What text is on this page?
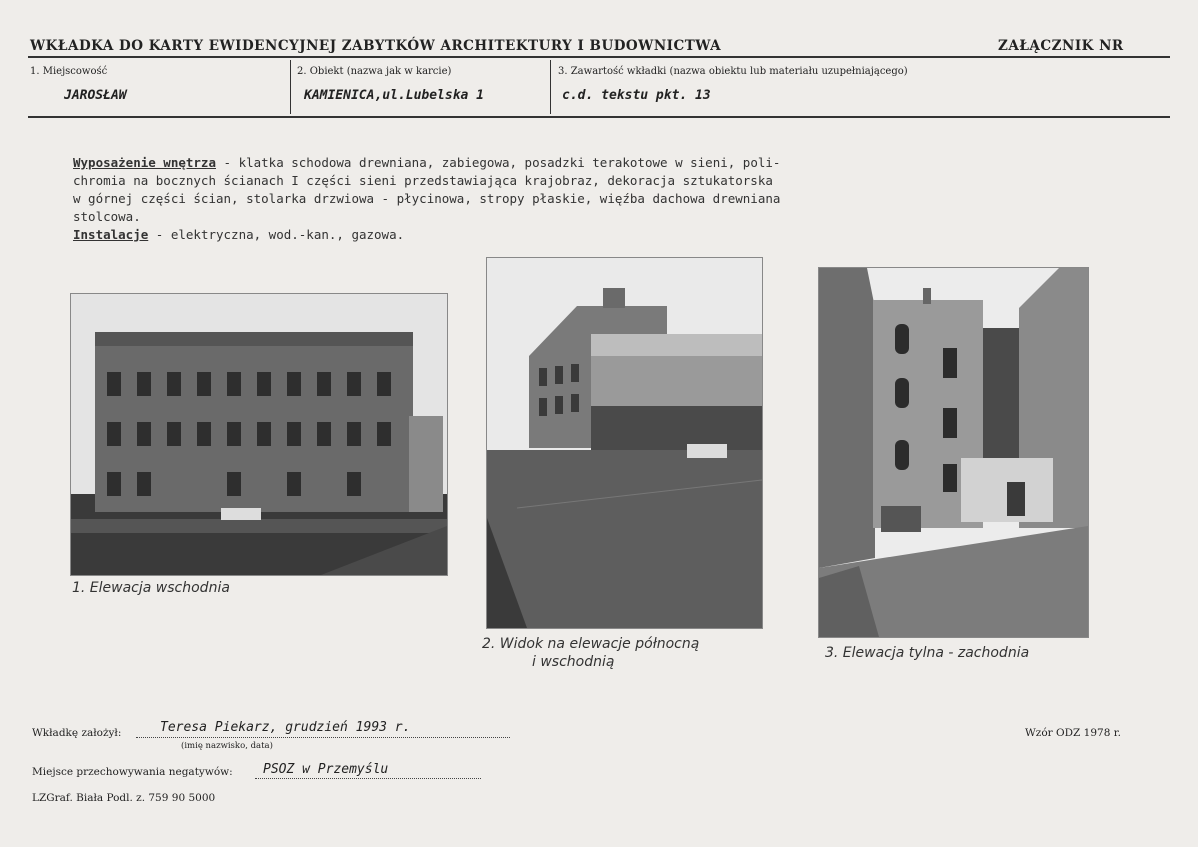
WKŁADKA DO KARTY EWIDENCYJNEJ ZABYTKÓW ARCHITEKTURY I BUDOWNICTWA	ZAŁĄCZNIK NR
1. Miejscowość
JAROSŁAW
2. Obiekt (nazwa jak w karcie)
KAMIENICA,ul.Lubelska 1
3. Zawartość wkładki (nazwa obiektu lub materiału uzupełniającego)
c.d. tekstu pkt. 13

Wyposażenie wnętrza - klatka schodowa drewniana, zabiegowa, posadzki terakotowe w sieni, poli-

chromia na bocznych ścianach I części sieni przedstawiająca krajobraz, dekoracja sztukatorska

w górnej części ścian, stolarka drzwiowa - płycinowa, stropy płaskie, więźba dachowa drewniana

stolcowa.

Instalacje - elektryczna, wod.-kan., gazowa.

1. Elewacja wschodnia
2. Widok na elewacje północną
i wschodnią
3. Elewacja tylna - zachodnia
Wkładkę założył:	Teresa Piekarz, grudzień 1993 r.
(imię nazwisko, data)
Wzór ODZ 1978 r.
Miejsce przechowywania negatywów:	PSOZ w Przemyślu
LZGraf. Biała Podl. z. 759 90 5000
